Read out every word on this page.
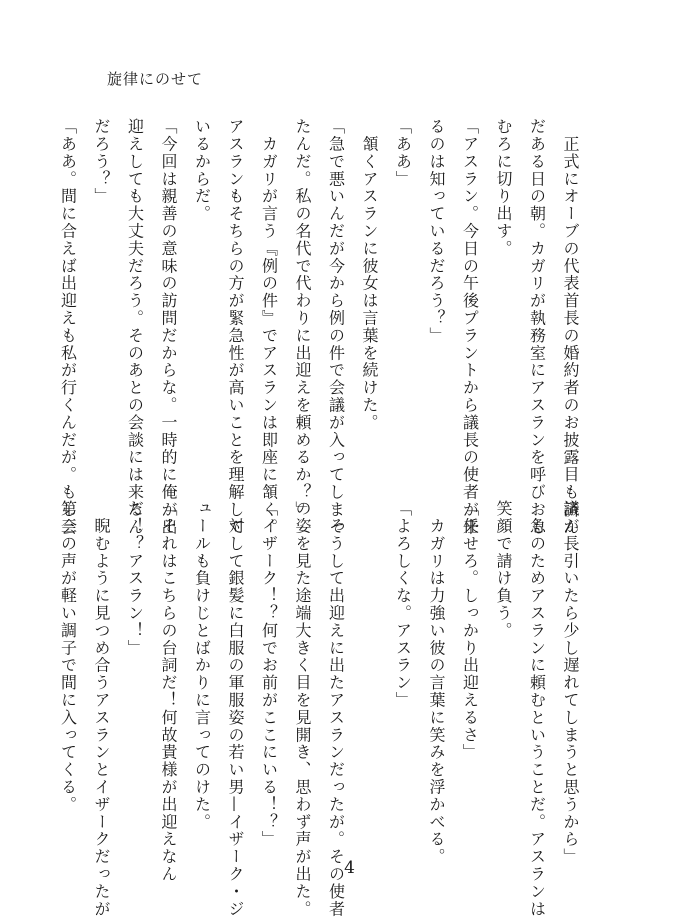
旋律にのせて
　正式にオーブの代表首長の婚約者のお披露目も済ん
だある日の朝。カガリが執務室にアスランを呼びおも
むろに切り出す。
「アスラン。今日の午後プラントから議長の使者が来
るのは知っているだろう？」
「ああ」
　頷くアスランに彼女は言葉を続けた。
「急で悪いんだが今から例の件で会議が入ってしまっ
たんだ。私の名代で代わりに出迎えを頼めるか？」
　カガリが言う『例の件』でアスランは即座に頷く。
アスランもそちらの方が緊急性が高いことを理解して
いるからだ。
「今回は親善の意味の訪問だからな。一時的に俺が出
迎えしても大丈夫だろう。そのあとの会談には来るん
だろう？」
「ああ。間に合えば出迎えも私が行くんだが。もし会
議が長引いたら少し遅れてしまうと思うから」
　急のためアスランに頼むということだ。アスランは
笑顔で請け負う。
「任せろ。しっかり出迎えるさ」
　カガリは力強い彼の言葉に笑みを浮かべる。
「よろしくな。アスラン」

　そうして出迎えに出たアスランだったが。その使者
の姿を見た途端大きく目を見開き、思わず声が出た。
「イザーク！？何でお前がここにいる！？」
　対して銀髪に白服の軍服姿の若い男—イザーク・ジ
ュールも負けじとばかりに言ってのけた。
「それはこちらの台詞だ！何故貴様が出迎えなん
だ！？アスラン！」
　睨むように見つめ合うアスランとイザークだったが
第三の声が軽い調子で間に入ってくる。
4
